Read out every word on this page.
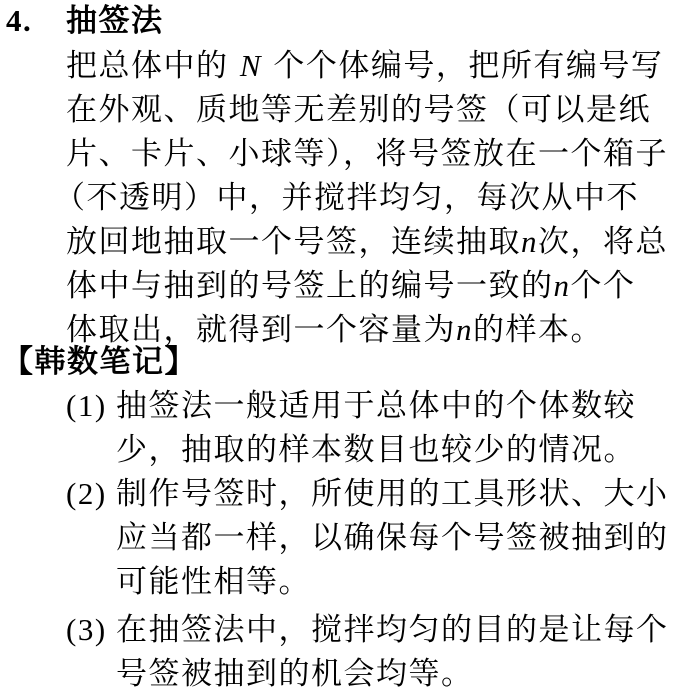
4. 抽签法
把总体中的 N 个个体编号，把所有编号写
在外观、质地等无差别的号签（可以是纸
片、卡片、小球等），将号签放在一个箱子
（不透明）中，并搅拌均匀，每次从中不
放回地抽取一个号签，连续抽取n次，将总
体中与抽到的号签上的编号一致的n个个
体取出，就得到一个容量为n的样本。
【韩数笔记】
(1) 抽签法一般适用于总体中的个体数较
少，抽取的样本数目也较少的情况。
(2) 制作号签时，所使用的工具形状、大小
应当都一样，以确保每个号签被抽到的
可能性相等。
(3) 在抽签法中，搅拌均匀的目的是让每个
号签被抽到的机会均等。
